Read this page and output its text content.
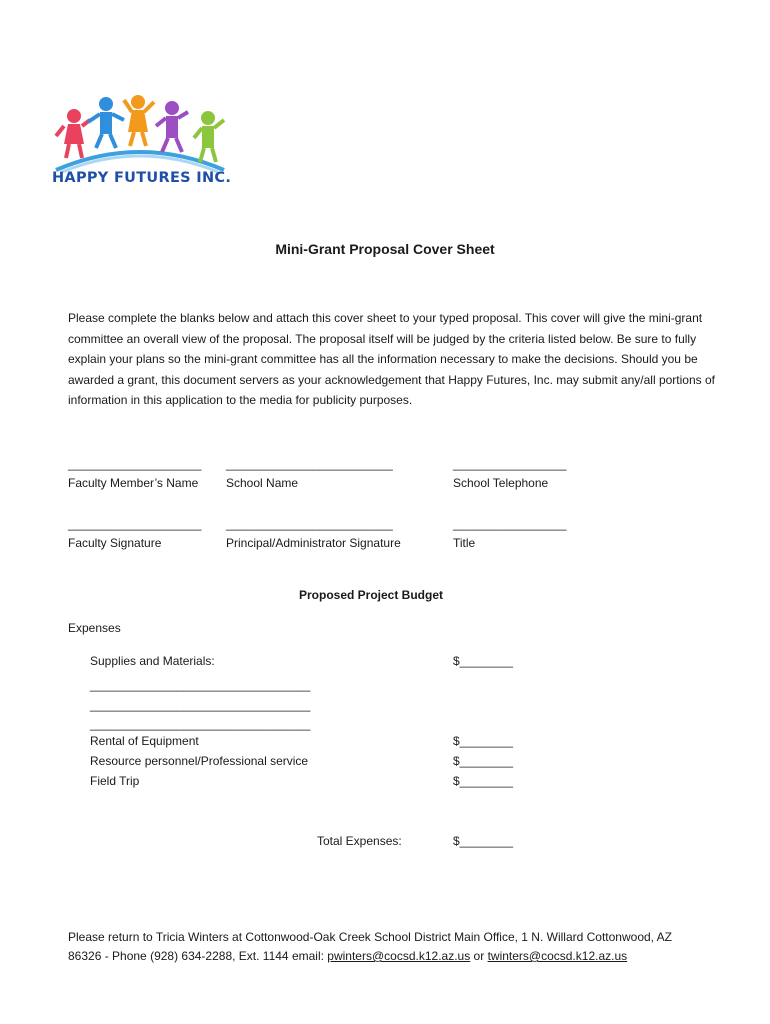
HAPPY FUTURES INC.
Mini-Grant Proposal Cover Sheet

Please complete the blanks below and attach this cover sheet to your typed proposal. This cover will give the mini-grant committee an overall view of the proposal. The proposal itself will be judged by the criteria listed below. Be sure to fully explain your plans so the mini-grant committee has all the information necessary to make the decisions. Should you be awarded a grant, this document servers as your acknowledgement that Happy Futures, Inc. may submit any/all portions of information in this application to the media for publicity purposes.

____________________ _________________________	_________________
Faculty Member’s Name School Name	School Telephone
____________________ _________________________	_________________
Faculty Signature	Principal/Administrator Signature	Title
Proposed Project Budget
Expenses
Supplies and Materials:	$________
_________________________________
_________________________________
_________________________________
Rental of Equipment	$________
Resource personnel/Professional service	$________
Field Trip	$________
Total Expenses:	$________
Please return to Tricia Winters at Cottonwood-Oak Creek School District Main Office, 1 N. Willard Cottonwood, AZ
86326 - Phone (928) 634-2288, Ext. 1144 email: pwinters@cocsd.k12.az.us or twinters@cocsd.k12.az.us
